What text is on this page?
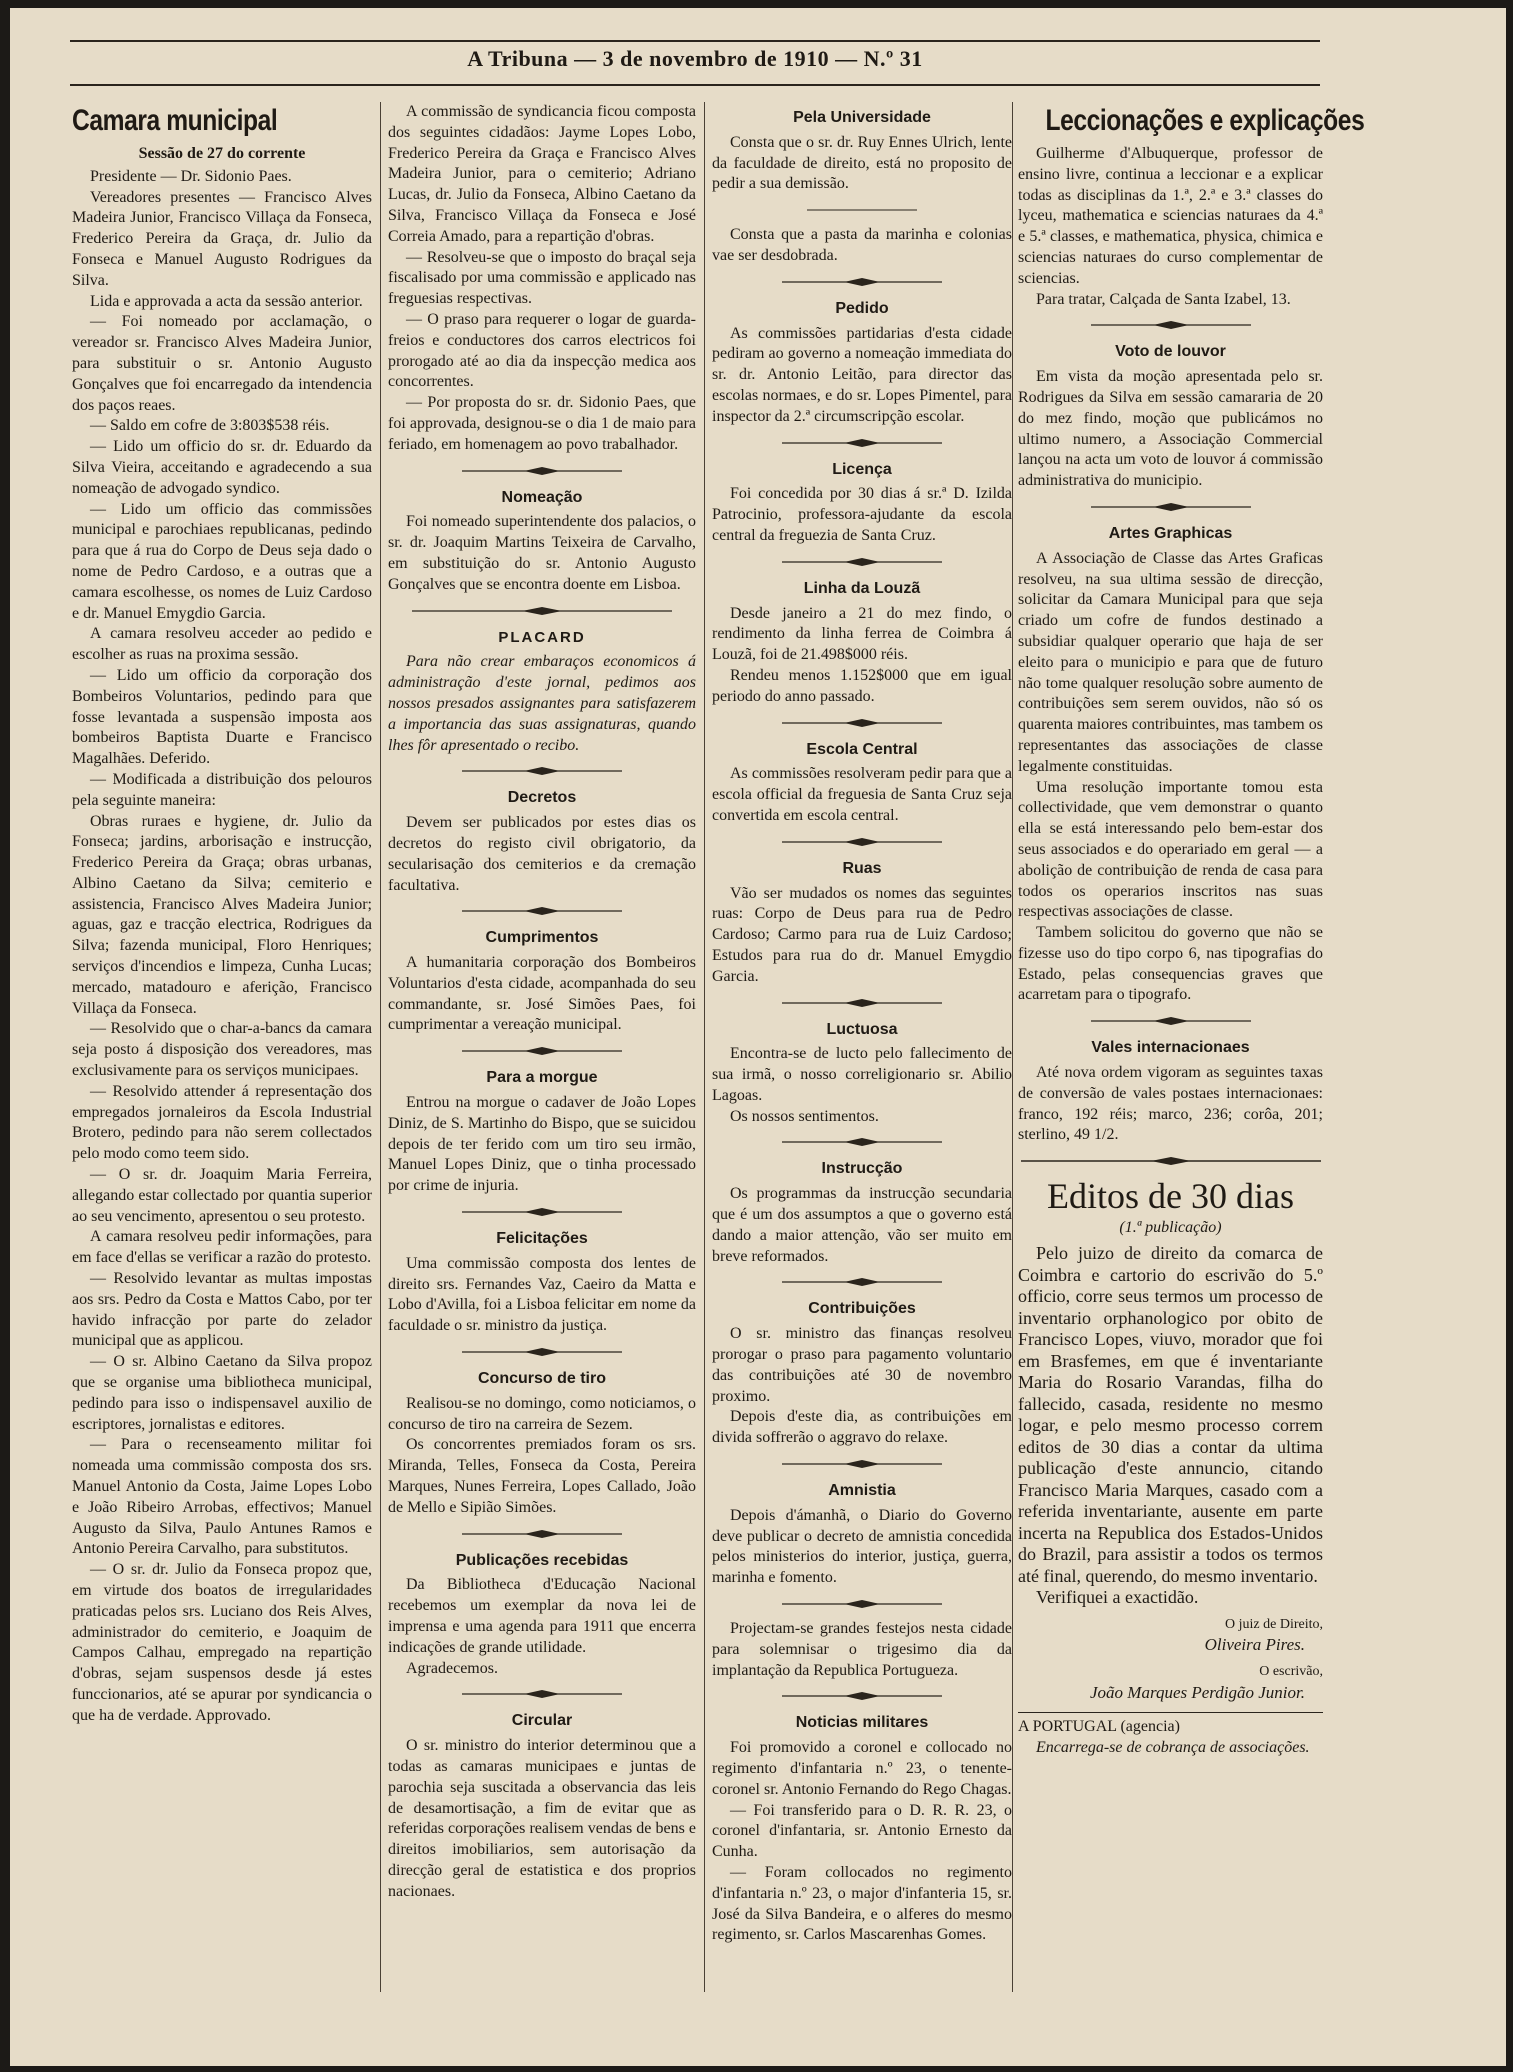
A Tribuna — 3 de novembro de 1910 — N.º 31
Camara municipal
Sessão de 27 do corrente

Presidente — Dr. Sidonio Paes.

Vereadores presentes — Francisco Alves Madeira Junior, Francisco Villaça da Fonseca, Frederico Pereira da Graça, dr. Julio da Fonseca e Manuel Augusto Rodrigues da Silva.

Lida e approvada a acta da sessão anterior.

— Foi nomeado por acclamação, o vereador sr. Francisco Alves Madeira Junior, para substituir o sr. Antonio Augusto Gonçalves que foi encarregado da intendencia dos paços reaes.

— Saldo em cofre de 3:803$538 réis.

— Lido um officio do sr. dr. Eduardo da Silva Vieira, acceitando e agradecendo a sua nomeação de advogado syndico.

— Lido um officio das commissões municipal e parochiaes republicanas, pedindo para que á rua do Corpo de Deus seja dado o nome de Pedro Cardoso, e a outras que a camara escolhesse, os nomes de Luiz Cardoso e dr. Manuel Emygdio Garcia.

A camara resolveu acceder ao pedido e escolher as ruas na proxima sessão.

— Lido um officio da corporação dos Bombeiros Voluntarios, pedindo para que fosse levantada a suspensão imposta aos bombeiros Baptista Duarte e Francisco Magalhães. Deferido.

— Modificada a distribuição dos pelouros pela seguinte maneira:

Obras ruraes e hygiene, dr. Julio da Fonseca; jardins, arborisação e instrucção, Frederico Pereira da Graça; obras urbanas, Albino Caetano da Silva; cemiterio e assistencia, Francisco Alves Madeira Junior; aguas, gaz e tracção electrica, Rodrigues da Silva; fazenda municipal, Floro Henriques; serviços d'incendios e limpeza, Cunha Lucas; mercado, matadouro e aferição, Francisco Villaça da Fonseca.

— Resolvido que o char-a-bancs da camara seja posto á disposição dos vereadores, mas exclusivamente para os serviços municipaes.

— Resolvido attender á representação dos empregados jornaleiros da Escola Industrial Brotero, pedindo para não serem collectados pelo modo como teem sido.

— O sr. dr. Joaquim Maria Ferreira, allegando estar collectado por quantia superior ao seu vencimento, apresentou o seu protesto.

A camara resolveu pedir informações, para em face d'ellas se verificar a razão do protesto.

— Resolvido levantar as multas impostas aos srs. Pedro da Costa e Mattos Cabo, por ter havido infracção por parte do zelador municipal que as applicou.

— O sr. Albino Caetano da Silva propoz que se organise uma bibliotheca municipal, pedindo para isso o indispensavel auxilio de escriptores, jornalistas e editores.

— Para o recenseamento militar foi nomeada uma commissão composta dos srs. Manuel Antonio da Costa, Jaime Lopes Lobo e João Ribeiro Arrobas, effectivos; Manuel Augusto da Silva, Paulo Antunes Ramos e Antonio Pereira Carvalho, para substitutos.

— O sr. dr. Julio da Fonseca propoz que, em virtude dos boatos de irregularidades praticadas pelos srs. Luciano dos Reis Alves, administrador do cemiterio, e Joaquim de Campos Calhau, empregado na repartição d'obras, sejam suspensos desde já estes funccionarios, até se apurar por syndicancia o que ha de verdade. Approvado.

A commissão de syndicancia ficou composta dos seguintes cidadãos: Jayme Lopes Lobo, Frederico Pereira da Graça e Francisco Alves Madeira Junior, para o cemiterio; Adriano Lucas, dr. Julio da Fonseca, Albino Caetano da Silva, Francisco Villaça da Fonseca e José Correia Amado, para a repartição d'obras.

— Resolveu-se que o imposto do braçal seja fiscalisado por uma commissão e applicado nas freguesias respectivas.

— O praso para requerer o logar de guarda-freios e conductores dos carros electricos foi prorogado até ao dia da inspecção medica aos concorrentes.

— Por proposta do sr. dr. Sidonio Paes, que foi approvada, designou-se o dia 1 de maio para feriado, em homenagem ao povo trabalhador.

Nomeação

Foi nomeado superintendente dos palacios, o sr. dr. Joaquim Martins Teixeira de Carvalho, em substituição do sr. Antonio Augusto Gonçalves que se encontra doente em Lisboa.

PLACARD

Para não crear embaraços economicos á administração d'este jornal, pedimos aos nossos presados assignantes para satisfazerem a importancia das suas assignaturas, quando lhes fôr apresentado o recibo.

Decretos

Devem ser publicados por estes dias os decretos do registo civil obrigatorio, da secularisação dos cemiterios e da cremação facultativa.

Cumprimentos

A humanitaria corporação dos Bombeiros Voluntarios d'esta cidade, acompanhada do seu commandante, sr. José Simões Paes, foi cumprimentar a vereação municipal.

Para a morgue

Entrou na morgue o cadaver de João Lopes Diniz, de S. Martinho do Bispo, que se suicidou depois de ter ferido com um tiro seu irmão, Manuel Lopes Diniz, que o tinha processado por crime de injuria.

Felicitações

Uma commissão composta dos lentes de direito srs. Fernandes Vaz, Caeiro da Matta e Lobo d'Avilla, foi a Lisboa felicitar em nome da faculdade o sr. ministro da justiça.

Concurso de tiro

Realisou-se no domingo, como noticiamos, o concurso de tiro na carreira de Sezem.

Os concorrentes premiados foram os srs. Miranda, Telles, Fonseca da Costa, Pereira Marques, Nunes Ferreira, Lopes Callado, João de Mello e Sipião Simões.

Publicações recebidas

Da Bibliotheca d'Educação Nacional recebemos um exemplar da nova lei de imprensa e uma agenda para 1911 que encerra indicações de grande utilidade.

Agradecemos.

Circular

O sr. ministro do interior determinou que a todas as camaras municipaes e juntas de parochia seja suscitada a observancia das leis de desamortisação, a fim de evitar que as referidas corporações realisem vendas de bens e direitos imobiliarios, sem autorisação da direcção geral de estatistica e dos proprios nacionaes.

Pela Universidade

Consta que o sr. dr. Ruy Ennes Ulrich, lente da faculdade de direito, está no proposito de pedir a sua demissão.

Consta que a pasta da marinha e colonias vae ser desdobrada.

Pedido

As commissões partidarias d'esta cidade pediram ao governo a nomeação immediata do sr. dr. Antonio Leitão, para director das escolas normaes, e do sr. Lopes Pimentel, para inspector da 2.ª circumscripção escolar.

Licença

Foi concedida por 30 dias á sr.ª D. Izilda Patrocinio, professora-ajudante da escola central da freguezia de Santa Cruz.

Linha da Louzã

Desde janeiro a 21 do mez findo, o rendimento da linha ferrea de Coimbra á Louzã, foi de 21.498$000 réis.

Rendeu menos 1.152$000 que em igual periodo do anno passado.

Escola Central

As commissões resolveram pedir para que a escola official da freguesia de Santa Cruz seja convertida em escola central.

Ruas

Vão ser mudados os nomes das seguintes ruas: Corpo de Deus para rua de Pedro Cardoso; Carmo para rua de Luiz Cardoso; Estudos para rua do dr. Manuel Emygdio Garcia.

Luctuosa

Encontra-se de lucto pelo fallecimento de sua irmã, o nosso correligionario sr. Abilio Lagoas.

Os nossos sentimentos.

Instrucção

Os programmas da instrucção secundaria que é um dos assumptos a que o governo está dando a maior attenção, vão ser muito em breve reformados.

Contribuições

O sr. ministro das finanças resolveu prorogar o praso para pagamento voluntario das contribuições até 30 de novembro proximo.

Depois d'este dia, as contribuições em divida soffrerão o aggravo do relaxe.

Amnistia

Depois d'ámanhã, o Diario do Governo deve publicar o decreto de amnistia concedida pelos ministerios do interior, justiça, guerra, marinha e fomento.

Projectam-se grandes festejos nesta cidade para solemnisar o trigesimo dia da implantação da Republica Portugueza.

Noticias militares

Foi promovido a coronel e collocado no regimento d'infantaria n.º 23, o tenente-coronel sr. Antonio Fernando do Rego Chagas.

— Foi transferido para o D. R. R. 23, o coronel d'infantaria, sr. Antonio Ernesto da Cunha.

— Foram collocados no regimento d'infantaria n.º 23, o major d'infanteria 15, sr. José da Silva Bandeira, e o alferes do mesmo regimento, sr. Carlos Mascarenhas Gomes.

Leccionações e explicações

Guilherme d'Albuquerque, professor de ensino livre, continua a leccionar e a explicar todas as disciplinas da 1.ª, 2.ª e 3.ª classes do lyceu, mathematica e sciencias naturaes da 4.ª e 5.ª classes, e mathematica, physica, chimica e sciencias naturaes do curso complementar de sciencias.

Para tratar, Calçada de Santa Izabel, 13.

Voto de louvor

Em vista da moção apresentada pelo sr. Rodrigues da Silva em sessão camararia de 20 do mez findo, moção que publicámos no ultimo numero, a Associação Commercial lançou na acta um voto de louvor á commissão administrativa do municipio.

Artes Graphicas

A Associação de Classe das Artes Graficas resolveu, na sua ultima sessão de direcção, solicitar da Camara Municipal para que seja criado um cofre de fundos destinado a subsidiar qualquer operario que haja de ser eleito para o municipio e para que de futuro não tome qualquer resolução sobre aumento de contribuições sem serem ouvidos, não só os quarenta maiores contribuintes, mas tambem os representantes das associações de classe legalmente constituidas.

Uma resolução importante tomou esta collectividade, que vem demonstrar o quanto ella se está interessando pelo bem-estar dos seus associados e do operariado em geral — a abolição de contribuição de renda de casa para todos os operarios inscritos nas suas respectivas associações de classe.

Tambem solicitou do governo que não se fizesse uso do tipo corpo 6, nas tipografias do Estado, pelas consequencias graves que acarretam para o tipografo.

Vales internacionaes

Até nova ordem vigoram as seguintes taxas de conversão de vales postaes internacionaes: franco, 192 réis; marco, 236; corôa, 201; sterlino, 49 1/2.

Editos de 30 dias
(1.ª publicação)

Pelo juizo de direito da comarca de Coimbra e cartorio do escrivão do 5.º officio, corre seus termos um processo de inventario orphanologico por obito de Francisco Lopes, viuvo, morador que foi em Brasfemes, em que é inventariante Maria do Rosario Varandas, filha do fallecido, casada, residente no mesmo logar, e pelo mesmo processo correm editos de 30 dias a contar da ultima publicação d'este annuncio, citando Francisco Maria Marques, casado com a referida inventariante, ausente em parte incerta na Republica dos Estados-Unidos do Brazil, para assistir a todos os termos até final, querendo, do mesmo inventario.

Verifiquei a exactidão.

O juiz de Direito,
Oliveira Pires.
O escrivão,
João Marques Perdigão Junior.
A PORTUGAL (agencia)

Encarrega-se de cobrança de associações.
